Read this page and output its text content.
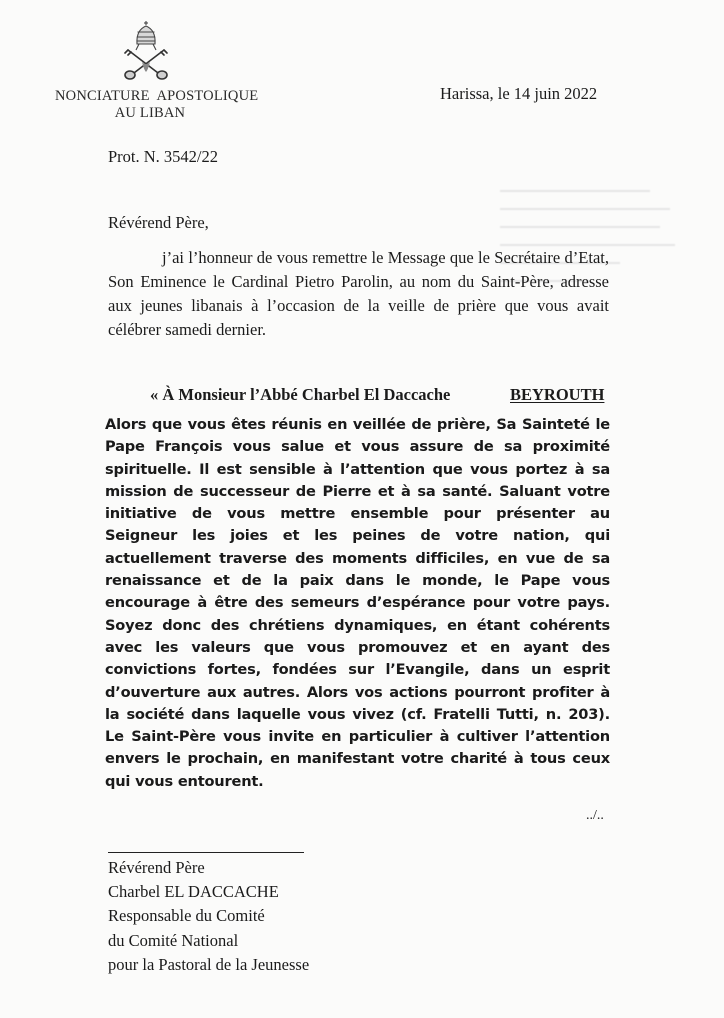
NONCIATURE  APOSTOLIQUE
AU LIBAN
Harissa, le 14 juin 2022
Prot. N. 3542/22
Révérend Père,
j’ai l’honneur de vous remettre le Message que le Secrétaire d’Etat, Son Eminence le Cardinal Pietro Parolin, au nom du Saint-Père, adresse aux jeunes libanais à l’occasion de la veille de prière que vous avait célébrer samedi dernier.
« À Monsieur l’Abbé Charbel El Daccache	BEYROUTH
Alors que vous êtes réunis en veillée de prière, Sa Sainteté le Pape François vous salue et vous assure de sa proximité spirituelle. Il est sensible à l’attention que vous portez à sa mission de successeur de Pierre et à sa santé. Saluant votre initiative de vous mettre ensemble pour présenter au Seigneur les joies et les peines de votre nation, qui actuellement traverse des moments difficiles, en vue de sa renaissance et de la paix dans le monde, le Pape vous encourage à être des semeurs d’espérance pour votre pays. Soyez donc des chrétiens dynamiques, en étant cohérents avec les valeurs que vous promouvez et en ayant des convictions fortes, fondées sur l’Evangile, dans un esprit d’ouverture aux autres. Alors vos actions pourront profiter à la société dans laquelle vous vivez (cf. Fratelli Tutti, n. 203). Le Saint-Père vous invite en particulier à cultiver l’attention envers le prochain, en manifestant votre charité à tous ceux qui vous entourent.
../..
Révérend Père
Charbel EL DACCACHE
Responsable du Comité
du Comité National
pour la Pastoral de la Jeunesse
